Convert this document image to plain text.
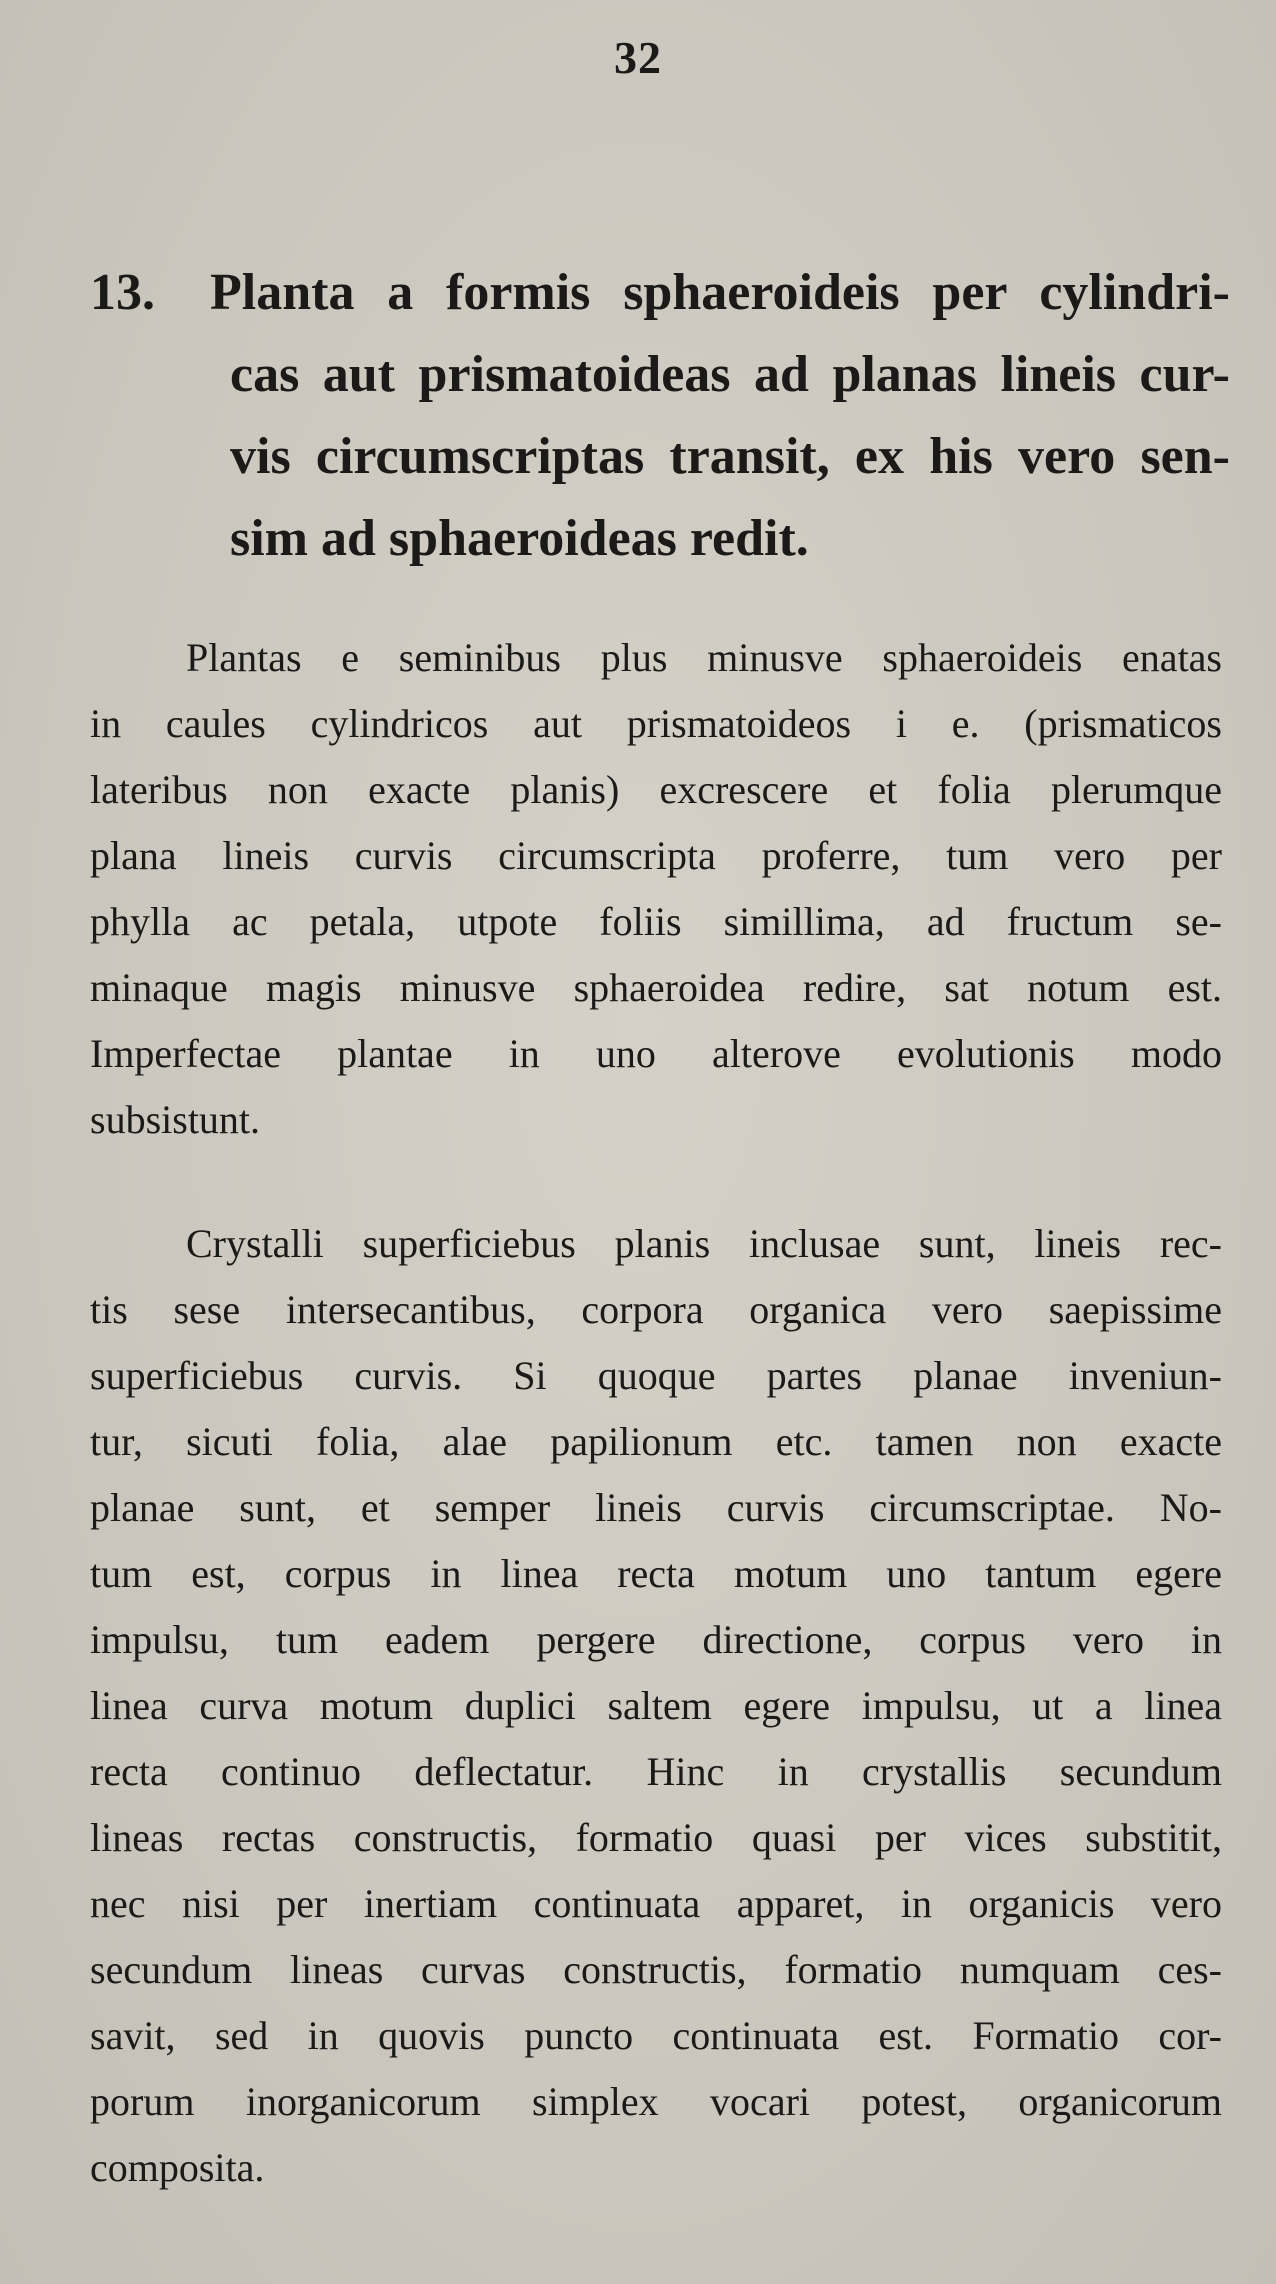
32
13. Planta a formis sphaeroideis per cylindri-
cas aut prismatoideas ad planas lineis cur-
vis circumscriptas transit, ex his vero sen-
sim ad sphaeroideas redit.
Plantas e seminibus plus minusve sphaeroideis enatas
in caules cylindricos aut prismatoideos i e. (prismaticos
lateribus non exacte planis) excrescere et folia plerumque
plana lineis curvis circumscripta proferre, tum vero per
phylla ac petala, utpote foliis simillima, ad fructum se-
minaque magis minusve sphaeroidea redire, sat notum est.
Imperfectae plantae in uno alterove evolutionis modo
subsistunt.
Crystalli superficiebus planis inclusae sunt, lineis rec-
tis sese intersecantibus, corpora organica vero saepissime
superficiebus curvis. Si quoque partes planae inveniun-
tur, sicuti folia, alae papilionum etc. tamen non exacte
planae sunt, et semper lineis curvis circumscriptae. No-
tum est, corpus in linea recta motum uno tantum egere
impulsu, tum eadem pergere directione, corpus vero in
linea curva motum duplici saltem egere impulsu, ut a linea
recta continuo deflectatur. Hinc in crystallis secundum
lineas rectas constructis, formatio quasi per vices substitit,
nec nisi per inertiam continuata apparet, in organicis vero
secundum lineas curvas constructis, formatio numquam ces-
savit, sed in quovis puncto continuata est. Formatio cor-
porum inorganicorum simplex vocari potest, organicorum
composita.
